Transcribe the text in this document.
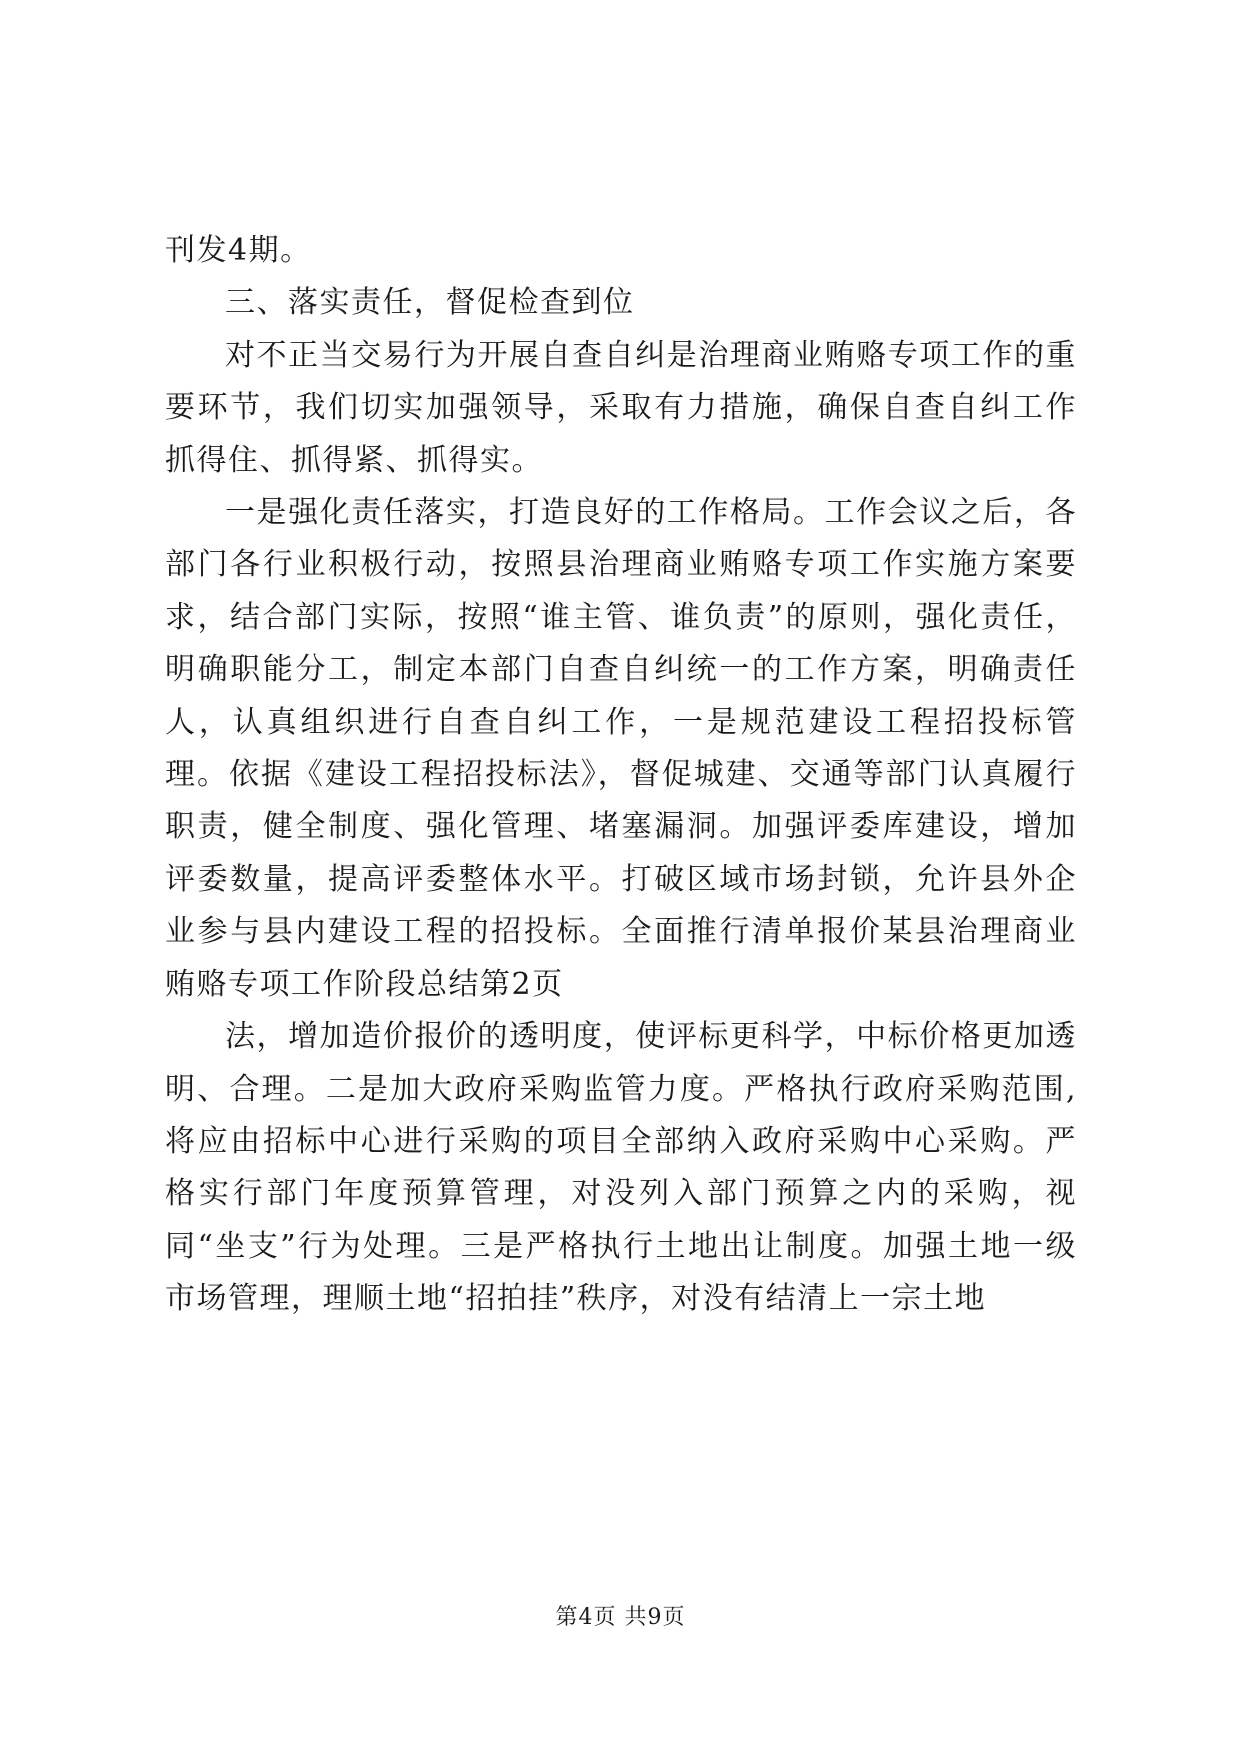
刊发4期。

三、落实责任，督促检查到位

对不正当交易行为开展自查自纠是治理商业贿赂专项工作的重要环节，我们切实加强领导，采取有力措施，确保自查自纠工作抓得住、抓得紧、抓得实。

一是强化责任落实，打造良好的工作格局。工作会议之后，各部门各行业积极行动，按照县治理商业贿赂专项工作实施方案要求，结合部门实际，按照“谁主管、谁负责”的原则，强化责任，明确职能分工，制定本部门自查自纠统一的工作方案，明确责任人，认真组织进行自查自纠工作，一是规范建设工程招投标管理。依据《建设工程招投标法》，督促城建、交通等部门认真履行职责，健全制度、强化管理、堵塞漏洞。加强评委库建设，增加评委数量，提高评委整体水平。打破区域市场封锁，允许县外企业参与县内建设工程的招投标。全面推行清单报价某县治理商业贿赂专项工作阶段总结第2页

法，增加造价报价的透明度，使评标更科学，中标价格更加透明、合理。二是加大政府采购监管力度。严格执行政府采购范围,将应由招标中心进行采购的项目全部纳入政府采购中心采购。严格实行部门年度预算管理，对没列入部门预算之内的采购，视同“坐支”行为处理。三是严格执行土地出让制度。加强土地一级市场管理，理顺土地“招拍挂”秩序，对没有结清上一宗土地

第4页 共9页
